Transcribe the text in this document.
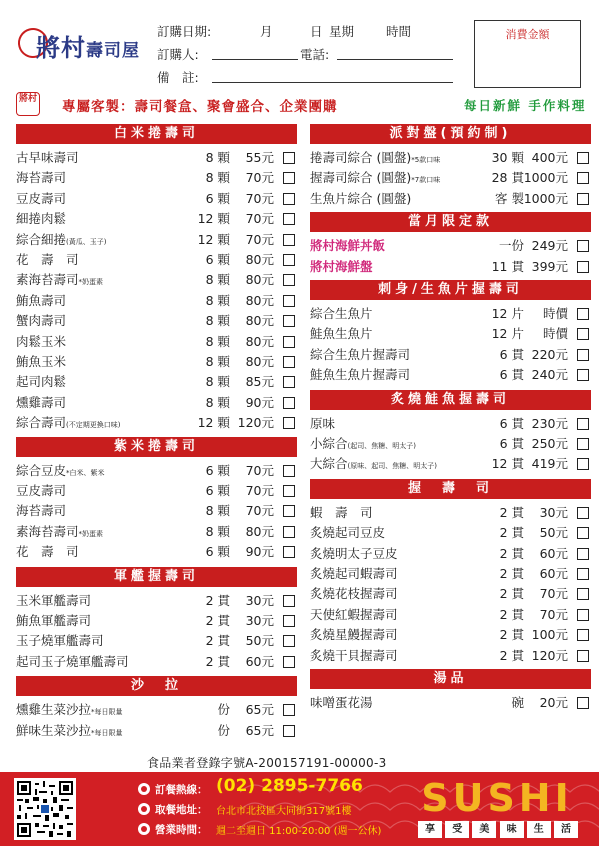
將村壽司屋
訂購日期:	月	日 星期	時間
訂購人:	電話:
備　註:
消費金額
將村 專屬客製：壽司餐盒、聚會盛合、企業團購	每日新鮮 手作料理
白米捲壽司
古早味壽司	8 顆 55元
海苔壽司	8 顆 70元
豆皮壽司	6 顆 70元
細捲肉鬆	12 顆 70元
綜合細捲(黃瓜、玉子)	12 顆 70元
花　壽　司	6 顆 80元
素海苔壽司*奶蛋素	8 顆 80元
鮪魚壽司	8 顆 80元
蟹肉壽司	8 顆 80元
肉鬆玉米	8 顆 80元
鮪魚玉米	8 顆 80元
起司肉鬆	8 顆 85元
燻雞壽司	8 顆 90元
綜合壽司(不定期更換口味)	12 顆 120元
紫米捲壽司
綜合豆皮*白米、紫米	6 顆 70元
豆皮壽司	6 顆 70元
海苔壽司	8 顆 70元
素海苔壽司*奶蛋素	8 顆 80元
花　壽　司	6 顆 90元
軍艦握壽司
玉米軍艦壽司	2 貫 30元
鮪魚軍艦壽司	2 貫 30元
玉子燒軍艦壽司	2 貫 50元
起司玉子燒軍艦壽司	2 貫 60元
沙　拉
燻雞生菜沙拉*每日限量	份 65元
鮮味生菜沙拉*每日限量	份 65元
派對盤(預約制)
捲壽司綜合 (圓盤)*5款口味	30 顆 400元
握壽司綜合 (圓盤)*7款口味	28 貫 1000元
生魚片綜合 (圓盤)	客 製 1000元
當月限定款
將村海鮮丼飯	一份 249元
將村海鮮盤	11 貫 399元
刺身/生魚片握壽司
綜合生魚片	12 片 時價
鮭魚生魚片	12 片 時價
綜合生魚片握壽司	6 貫 220元
鮭魚生魚片握壽司	6 貫 240元
炙燒鮭魚握壽司
原味	6 貫 230元
小綜合(起司、焦糖、明太子)	6 貫 250元
大綜合(原味、起司、焦糖、明太子)	12 貫 419元
握　壽　司
蝦　壽　司	2 貫 30元
炙燒起司豆皮	2 貫 50元
炙燒明太子豆皮	2 貫 60元
炙燒起司蝦壽司	2 貫 60元
炙燒花枝握壽司	2 貫 70元
天使紅蝦握壽司	2 貫 70元
炙燒星鰻握壽司	2 貫 100元
炙燒干貝握壽司	2 貫 120元
湯品
味噌蛋花湯	碗 20元
食品業者登錄字號A-200157191-00000-3
訂餐熱線： (02) 2895-7766
取餐地址： 台北市北投區大同街317號1樓
營業時間： 週二至週日 11:00-20:00 (週一公休)
SUSHI
享	受	美	味	生	活
